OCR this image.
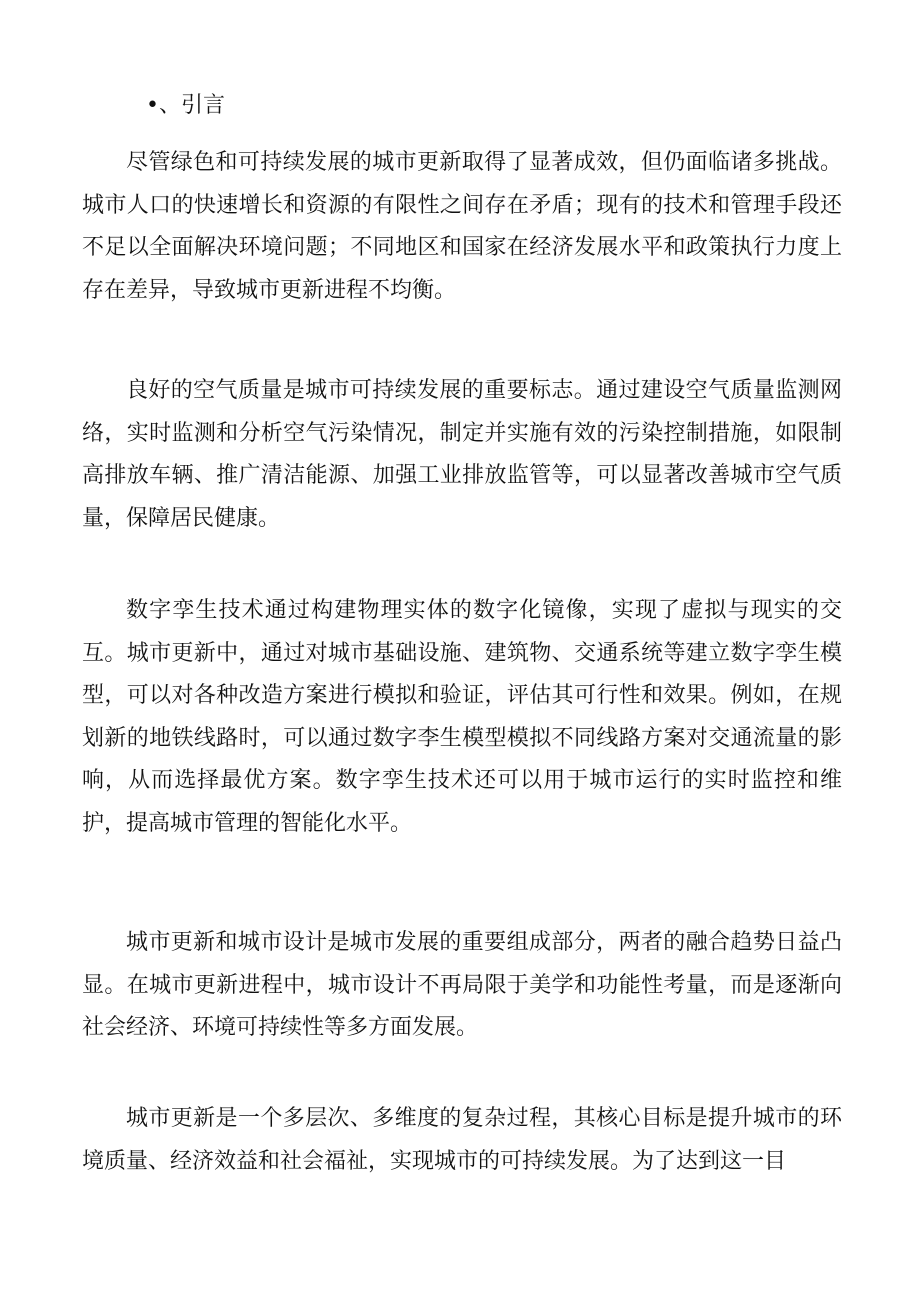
•、引言

尽管绿色和可持续发展的城市更新取得了显著成效，但仍面临诸多挑战。城市人口的快速增长和资源的有限性之间存在矛盾；现有的技术和管理手段还不足以全面解决环境问题；不同地区和国家在经济发展水平和政策执行力度上存在差异，导致城市更新进程不均衡。

良好的空气质量是城市可持续发展的重要标志。通过建设空气质量监测网络，实时监测和分析空气污染情况，制定并实施有效的污染控制措施，如限制高排放车辆、推广清洁能源、加强工业排放监管等，可以显著改善城市空气质量，保障居民健康。

数字孪生技术通过构建物理实体的数字化镜像，实现了虚拟与现实的交互。城市更新中，通过对城市基础设施、建筑物、交通系统等建立数字孪生模型，可以对各种改造方案进行模拟和验证，评估其可行性和效果。例如，在规划新的地铁线路时，可以通过数字李生模型模拟不同线路方案对交通流量的影响，从而选择最优方案。数字孪生技术还可以用于城市运行的实时监控和维护，提高城市管理的智能化水平。

城市更新和城市设计是城市发展的重要组成部分，两者的融合趋势日益凸显。在城市更新进程中，城市设计不再局限于美学和功能性考量，而是逐渐向社会经济、环境可持续性等多方面发展。

城市更新是一个多层次、多维度的复杂过程，其核心目标是提升城市的环境质量、经济效益和社会福祉，实现城市的可持续发展。为了达到这一目
